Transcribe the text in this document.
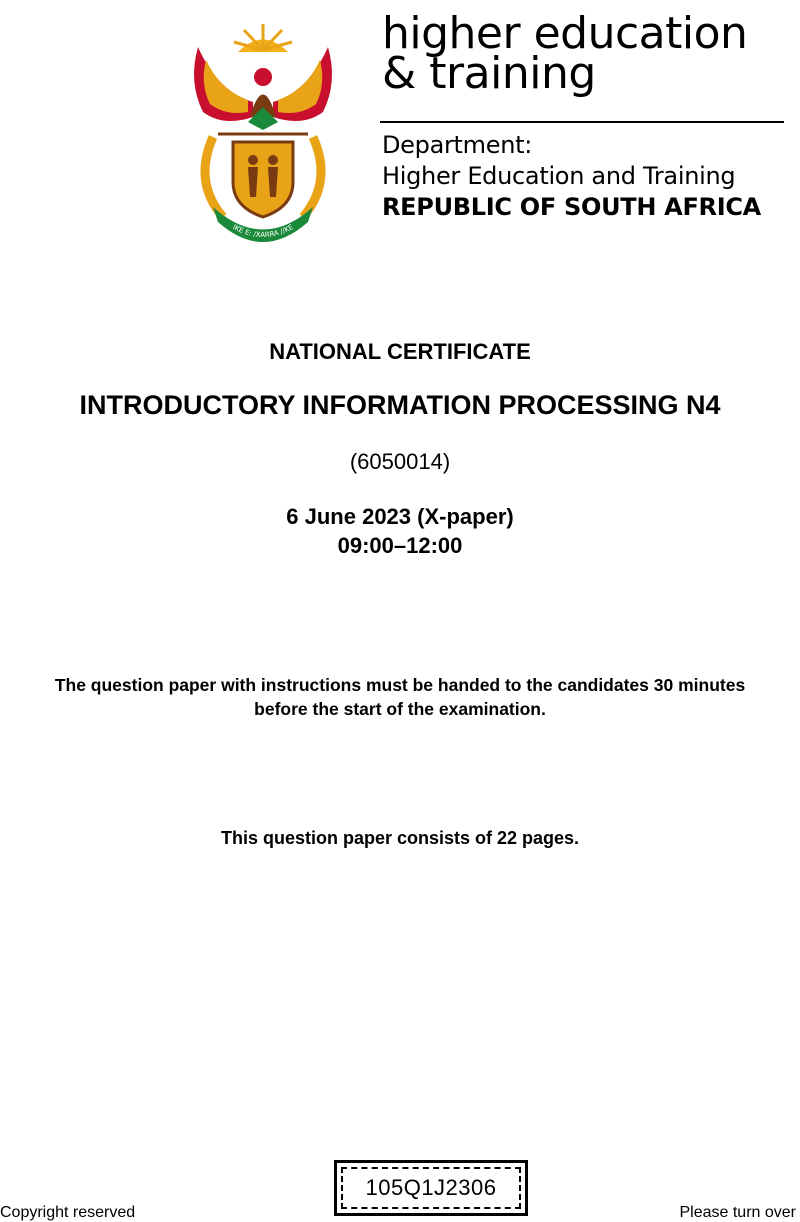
IKE E: /XARRA //KE
higher education
& training
Department:
Higher Education and Training
REPUBLIC OF SOUTH AFRICA
NATIONAL CERTIFICATE
INTRODUCTORY INFORMATION PROCESSING N4
(6050014)
6 June 2023 (X-paper)
09:00–12:00
The question paper with instructions must be handed to the candidates 30 minutes
before the start of the examination.
This question paper consists of 22 pages.
Copyright reserved
105Q1J2306
Please turn over
